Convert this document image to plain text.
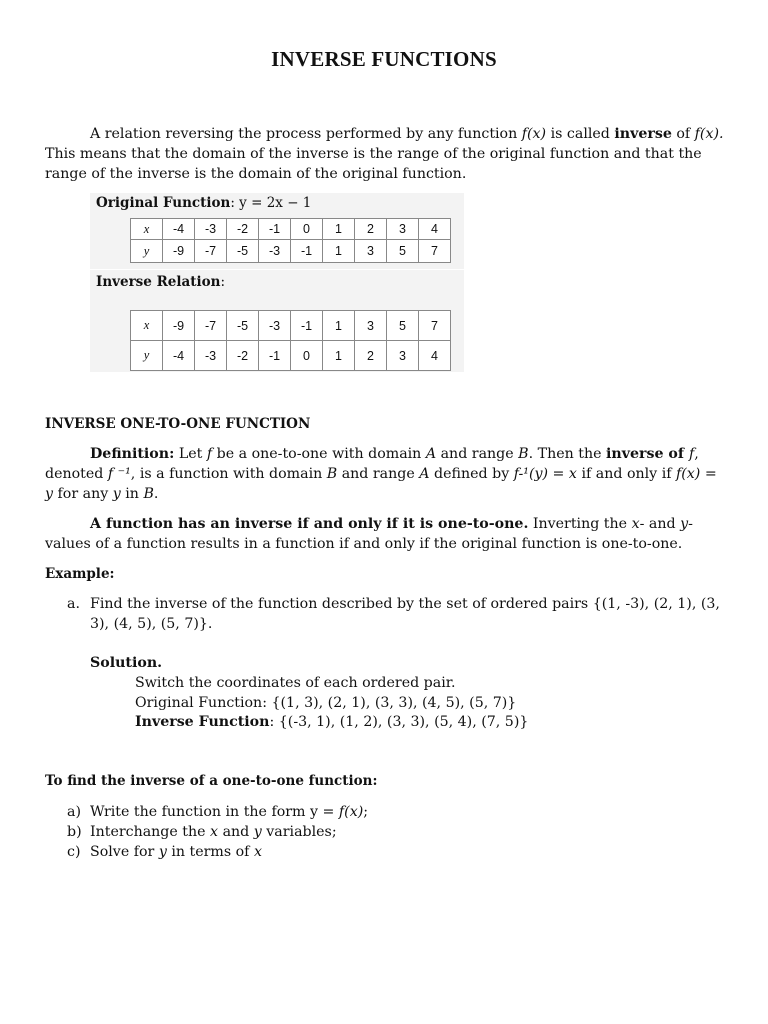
INVERSE FUNCTIONS

A relation reversing the process performed by any function f(x) is called inverse of f(x). This means that the domain of the inverse is the range of the original function and that the range of the inverse is the domain of the original function.

Original Function: y = 2x − 1
x	-4	-3	-2	-1	0	1	2	3	4
y	-9	-7	-5	-3	-1	1	3	5	7
Inverse Relation:
x	-9	-7	-5	-3	-1	1	3	5	7
y	-4	-3	-2	-1	0	1	2	3	4
INVERSE ONE-TO-ONE FUNCTION

Definition: Let f be a one-to-one with domain A and range B. Then the inverse of f, denoted f ⁻¹, is a function with domain B and range A defined by f-¹(y) = x if and only if f(x) = y for any y in B.

A function has an inverse if and only if it is one-to-one. Inverting the x- and y-values of a function results in a function if and only if the original function is one-to-one.

Example:
a. Find the inverse of the function described by the set of ordered pairs {(1, -3), (2, 1), (3, 3), (4, 5), (5, 7)}.
Solution.
Switch the coordinates of each ordered pair.
Original Function: {(1, 3), (2, 1), (3, 3), (4, 5), (5, 7)}
Inverse Function: {(-3, 1), (1, 2), (3, 3), (5, 4), (7, 5)}
To find the inverse of a one-to-one function:
a) Write the function in the form y = f(x);
b) Interchange the x and y variables;
c) Solve for y in terms of x
